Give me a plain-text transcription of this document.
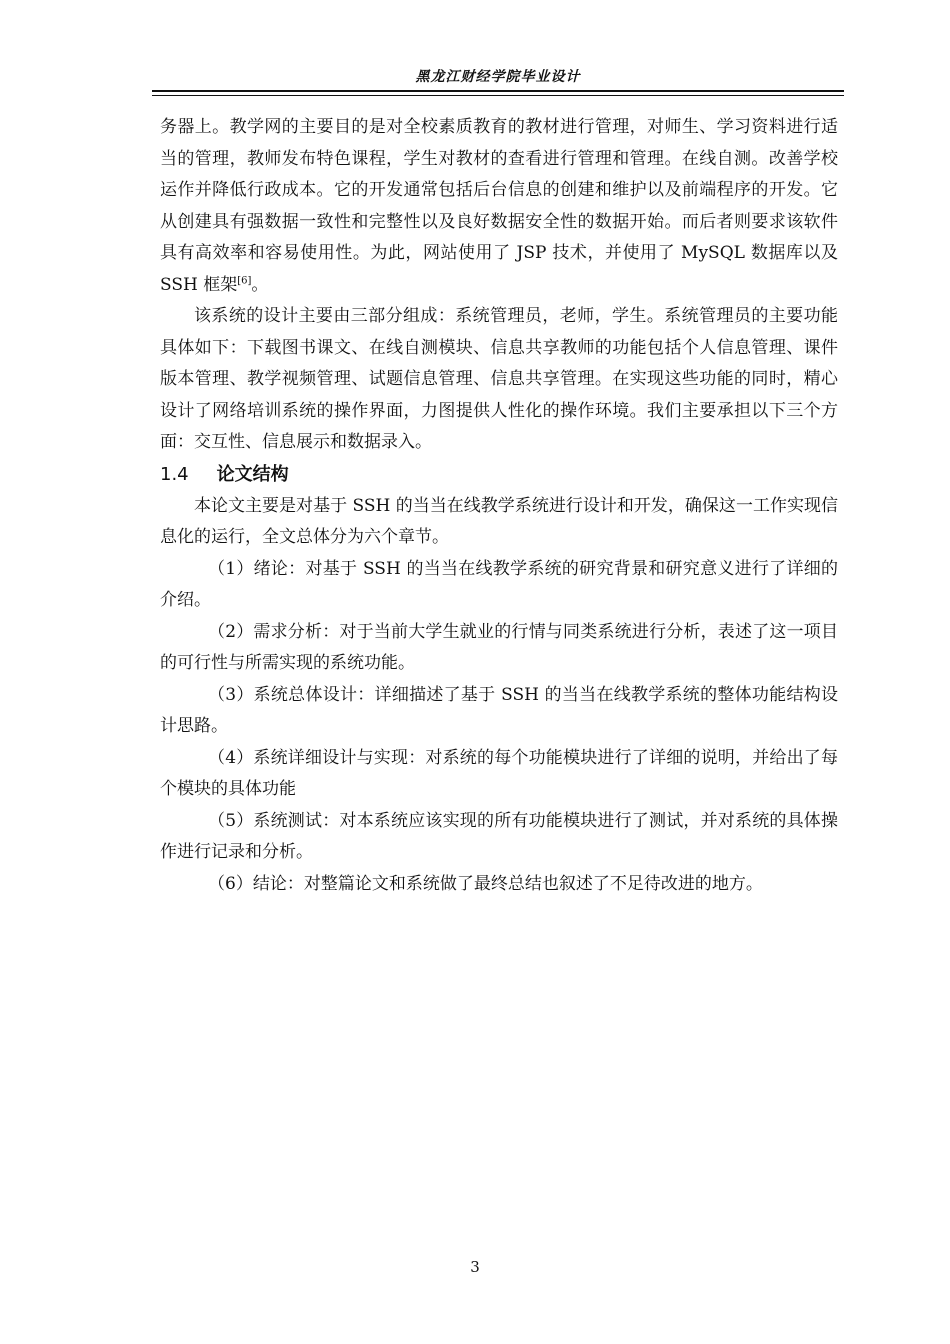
黑龙江财经学院毕业设计

务器上。教学网的主要目的是对全校素质教育的教材进行管理，对师生、学习资料进行适当的管理，教师发布特色课程，学生对教材的查看进行管理和管理。在线自测。改善学校运作并降低行政成本。它的开发通常包括后台信息的创建和维护以及前端程序的开发。它从创建具有强数据一致性和完整性以及良好数据安全性的数据开始。而后者则要求该软件具有高效率和容易使用性。为此，网站使用了 JSP 技术，并使用了 MySQL 数据库以及 SSH 框架[6]。

该系统的设计主要由三部分组成：系统管理员，老师，学生。系统管理员的主要功能具体如下：下载图书课文、在线自测模块、信息共享教师的功能包括个人信息管理、课件版本管理、教学视频管理、试题信息管理、信息共享管理。在实现这些功能的同时，精心设计了网络培训系统的操作界面，力图提供人性化的操作环境。我们主要承担以下三个方面：交互性、信息展示和数据录入。

1.4 论文结构

本论文主要是对基于 SSH 的当当在线教学系统进行设计和开发，确保这一工作实现信息化的运行，全文总体分为六个章节。

（1）绪论：对基于 SSH 的当当在线教学系统的研究背景和研究意义进行了详细的介绍。

（2）需求分析：对于当前大学生就业的行情与同类系统进行分析，表述了这一项目的可行性与所需实现的系统功能。

（3）系统总体设计：详细描述了基于 SSH 的当当在线教学系统的整体功能结构设计思路。

（4）系统详细设计与实现：对系统的每个功能模块进行了详细的说明，并给出了每个模块的具体功能

（5）系统测试：对本系统应该实现的所有功能模块进行了测试，并对系统的具体操作进行记录和分析。

（6）结论：对整篇论文和系统做了最终总结也叙述了不足待改进的地方。

3
